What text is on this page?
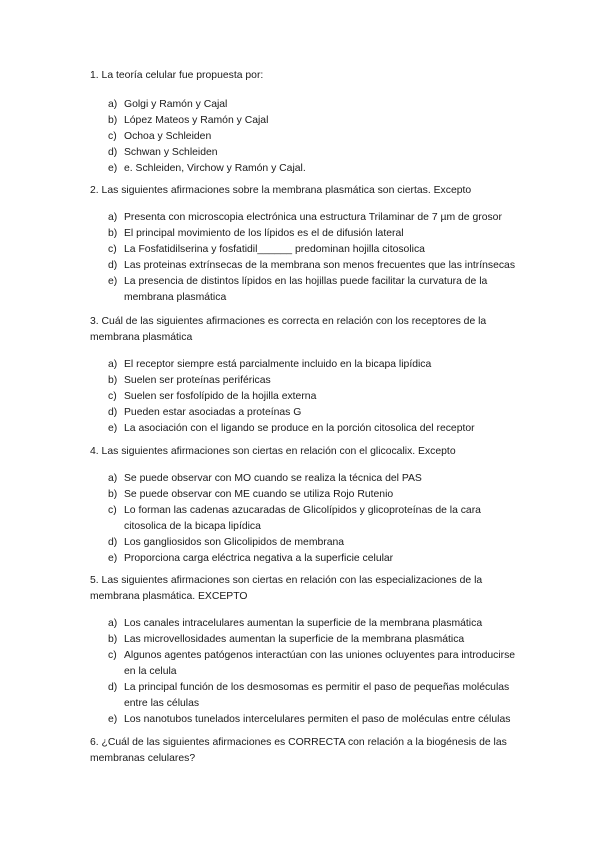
1. La teoría celular fue propuesta por:

a) Golgi y Ramón y Cajal
b) López Mateos y Ramón y Cajal
c) Ochoa y Schleiden
d) Schwan y Schleiden
e) e. Schleiden, Virchow y Ramón y Cajal.

2. Las siguientes afirmaciones sobre la membrana plasmática son ciertas. Excepto

a) Presenta con microscopia electrónica una estructura Trilaminar de 7 µm de grosor
b) El principal movimiento de los lípidos es el de difusión lateral
c) La Fosfatidilserina y fosfatidil______ predominan hojilla citosolica
d) Las proteinas extrínsecas de la membrana son menos frecuentes que las intrínsecas
e) La presencia de distintos lípidos en las hojillas puede facilitar la curvatura de la membrana plasmática

3. Cuál de las siguientes afirmaciones es correcta en relación con los receptores de la membrana plasmática

a) El receptor siempre está parcialmente incluido en la bicapa lipídica
b) Suelen ser proteínas periféricas
c) Suelen ser fosfolípido de la hojilla externa
d) Pueden estar asociadas a proteínas G
e) La asociación con el ligando se produce en la porción citosolica del receptor

4. Las siguientes afirmaciones son ciertas en relación con el glicocalix. Excepto

a) Se puede observar con MO cuando se realiza la técnica del PAS
b) Se puede observar con ME cuando se utiliza Rojo Rutenio
c) Lo forman las cadenas azucaradas de Glicolípidos y glicoproteínas de la cara citosolica de la bicapa lipídica
d) Los gangliosidos son Glicolipidos de membrana
e) Proporciona carga eléctrica negativa a la superficie celular

5. Las siguientes afirmaciones son ciertas en relación con las especializaciones de la membrana plasmática. EXCEPTO

a) Los canales intracelulares aumentan la superficie de la membrana plasmática
b) Las microvellosidades aumentan la superficie de la membrana plasmática
c) Algunos agentes patógenos interactúan con las uniones ocluyentes para introducirse en la celula
d) La principal función de los desmosomas es permitir el paso de pequeñas moléculas entre las células
e) Los nanotubos tunelados intercelulares permiten el paso de moléculas entre células

6. ¿Cuál de las siguientes afirmaciones es CORRECTA con relación a la biogénesis de las membranas celulares?
